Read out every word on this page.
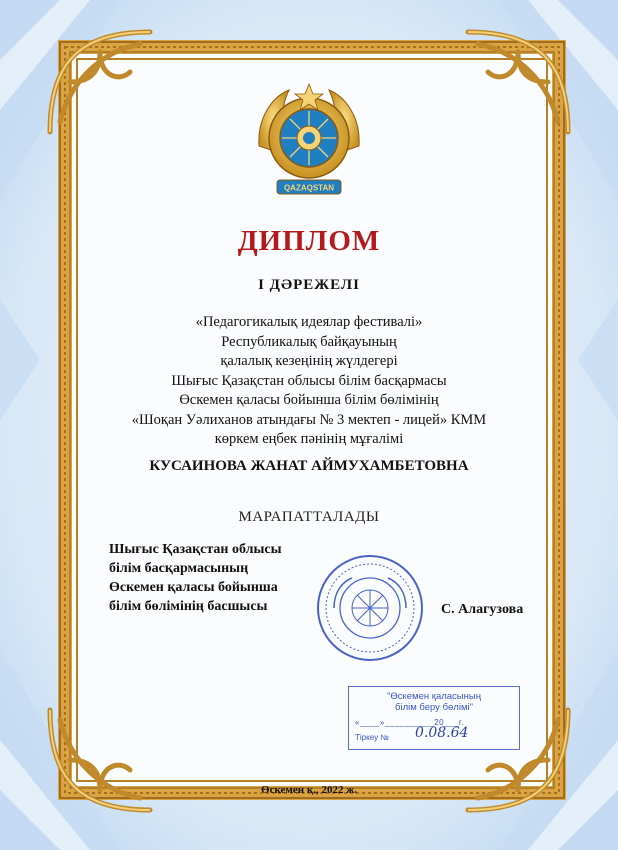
QAZAQSTAN
ДИПЛОМ
І ДӘРЕЖЕЛІ
«Педагогикалық идеялар фестивалі»
Республикалық байқауының
қалалық кезеңінің жүлдегері
Шығыс Қазақстан облысы білім басқармасы
Өскемен қаласы бойынша білім бөлімінің
«Шоқан Уәлиханов атындағы № 3 мектеп - лицей» КММ
көркем еңбек пәнінің мұғалімі
КУСАИНОВА ЖАНАТ АЙМУХАМБЕТОВНА
МАРАПАТТАЛАДЫ
Шығыс Қазақстан облысы
білім басқармасының
Өскемен қаласы бойынша
білім бөлімінің басшысы	С. Алагузова
"Өскемен қаласының
білім беру бөлімі"
«____»__________20___г.
Тіркеу № 0.08.64
Өскемен қ., 2022 ж.
